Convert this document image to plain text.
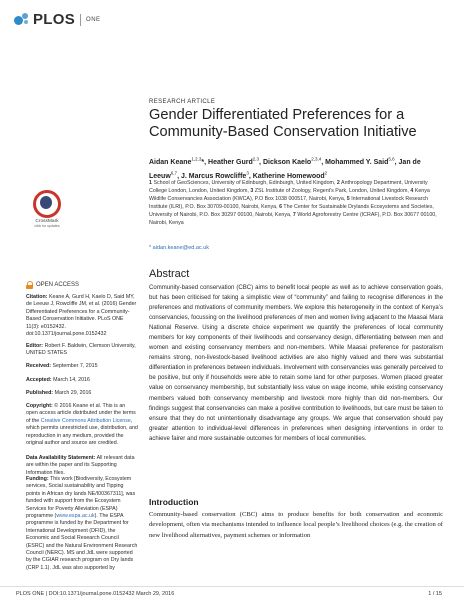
PLOS ONE
RESEARCH ARTICLE
Gender Differentiated Preferences for a Community-Based Conservation Initiative
Aidan Keane$^{1,2,3}$*, Heather Gurd$^{2,3}$, Dickson Kaelo$^{2,3,4}$, Mohammed Y. Said$^{5,6}$, Jan de Leeuw$^{6,7}$, J. Marcus Rowcliffe$^3$, Katherine Homewood$^2$
1 School of GeoSciences, University of Edinburgh, Edinburgh, United Kingdom, 2 Anthropology Department, University College London, London, United Kingdom, 3 ZSL Institute of Zoology, Regent's Park, London, United Kingdom, 4 Kenya Wildlife Conservancies Association (KWCA), P.O Box 1038 000517, Nairobi, Kenya, 5 International Livestock Research Institute (ILRI), P.O. Box 30709-00100, Nairobi, Kenya, 6 The Center for Sustainable Drylands Ecosystems and Societies, University of Nairobi, P.O. Box 30297 00100, Nairobi, Kenya, 7 World Agroforestry Centre (ICRAF), P.O. Box 30677 00100, Nairobi, Kenya
* aidan.keane@ed.ac.uk
CrossMark
click for updates
Abstract
Community-based conservation (CBC) aims to benefit local people as well as to achieve conservation goals, but has been criticised for taking a simplistic view of “community” and failing to recognise differences in the preferences and motivations of community members. We explore this heterogeneity in the context of Kenya’s conservancies, focussing on the livelihood preferences of men and women living adjacent to the Maasai Mara National Reserve. Using a discrete choice experiment we quantify the preferences of local community members for key components of their livelihoods and conservancy design, differentiating between men and women and existing conservancy members and non-members. While Maasai preference for pastoralism remains strong, non-livestock-based livelihood activities are also highly valued and there was substantial differentiation in preferences between individuals. Involvement with conservancies was generally perceived to be positive, but only if households were able to retain some land for other purposes. Women placed greater value on conservancy membership, but substantially less value on wage income, while existing conservancy members valued both conservancy membership and livestock more highly than did non-members. Our findings suggest that conservancies can make a positive contribution to livelihoods, but care must be taken to ensure that they do not unintentionally disadvantage any groups. We argue that conservation should pay greater attention to individual-level differences in preferences when designing interventions in order to achieve fairer and more sustainable outcomes for members of local communities.
OPEN ACCESS
Citation: Keane A, Gurd H, Kaelo D, Said MY, de Leeuw J, Rowcliffe JM, et al. (2016) Gender Differentiated Preferences for a Community-Based Conservation Initiative. PLoS ONE 11(3): e0152432. doi:10.1371/journal.pone.0152432
Editor: Robert F. Baldwin, Clemson University, UNITED STATES
Received: September 7, 2015
Accepted: March 14, 2016
Published: March 29, 2016
Copyright: © 2016 Keane et al. This is an open access article distributed under the terms of the Creative Commons Attribution License, which permits unrestricted use, distribution, and reproduction in any medium, provided the original author and source are credited.
Data Availability Statement: All relevant data are within the paper and its Supporting Information files.
Funding: This work [Biodiversity, Ecosystem services, Social sustainability and Tipping points in African dry lands NE/I00367311], was funded with support from the Ecosystem Services for Poverty Alleviation (ESPA) programme (www.espa.ac.uk). The ESPA programme is funded by the Department for International Development (DFID), the Economic and Social Research Council (ESRC) and the Natural Environment Research Council (NERC). MS and JdL were supported by the CGIAR research program on Dry lands (CRP 1.1). JdL was also supported by
Introduction
Community-based conservation (CBC) aims to produce benefits for both conservation and economic development, often via mechanisms intended to influence local people’s livelihood choices (e.g. the creation of new livelihood alternatives, payment schemes or information
PLOS ONE | DOI:10.1371/journal.pone.0152432 March 29, 2016	1 / 15
